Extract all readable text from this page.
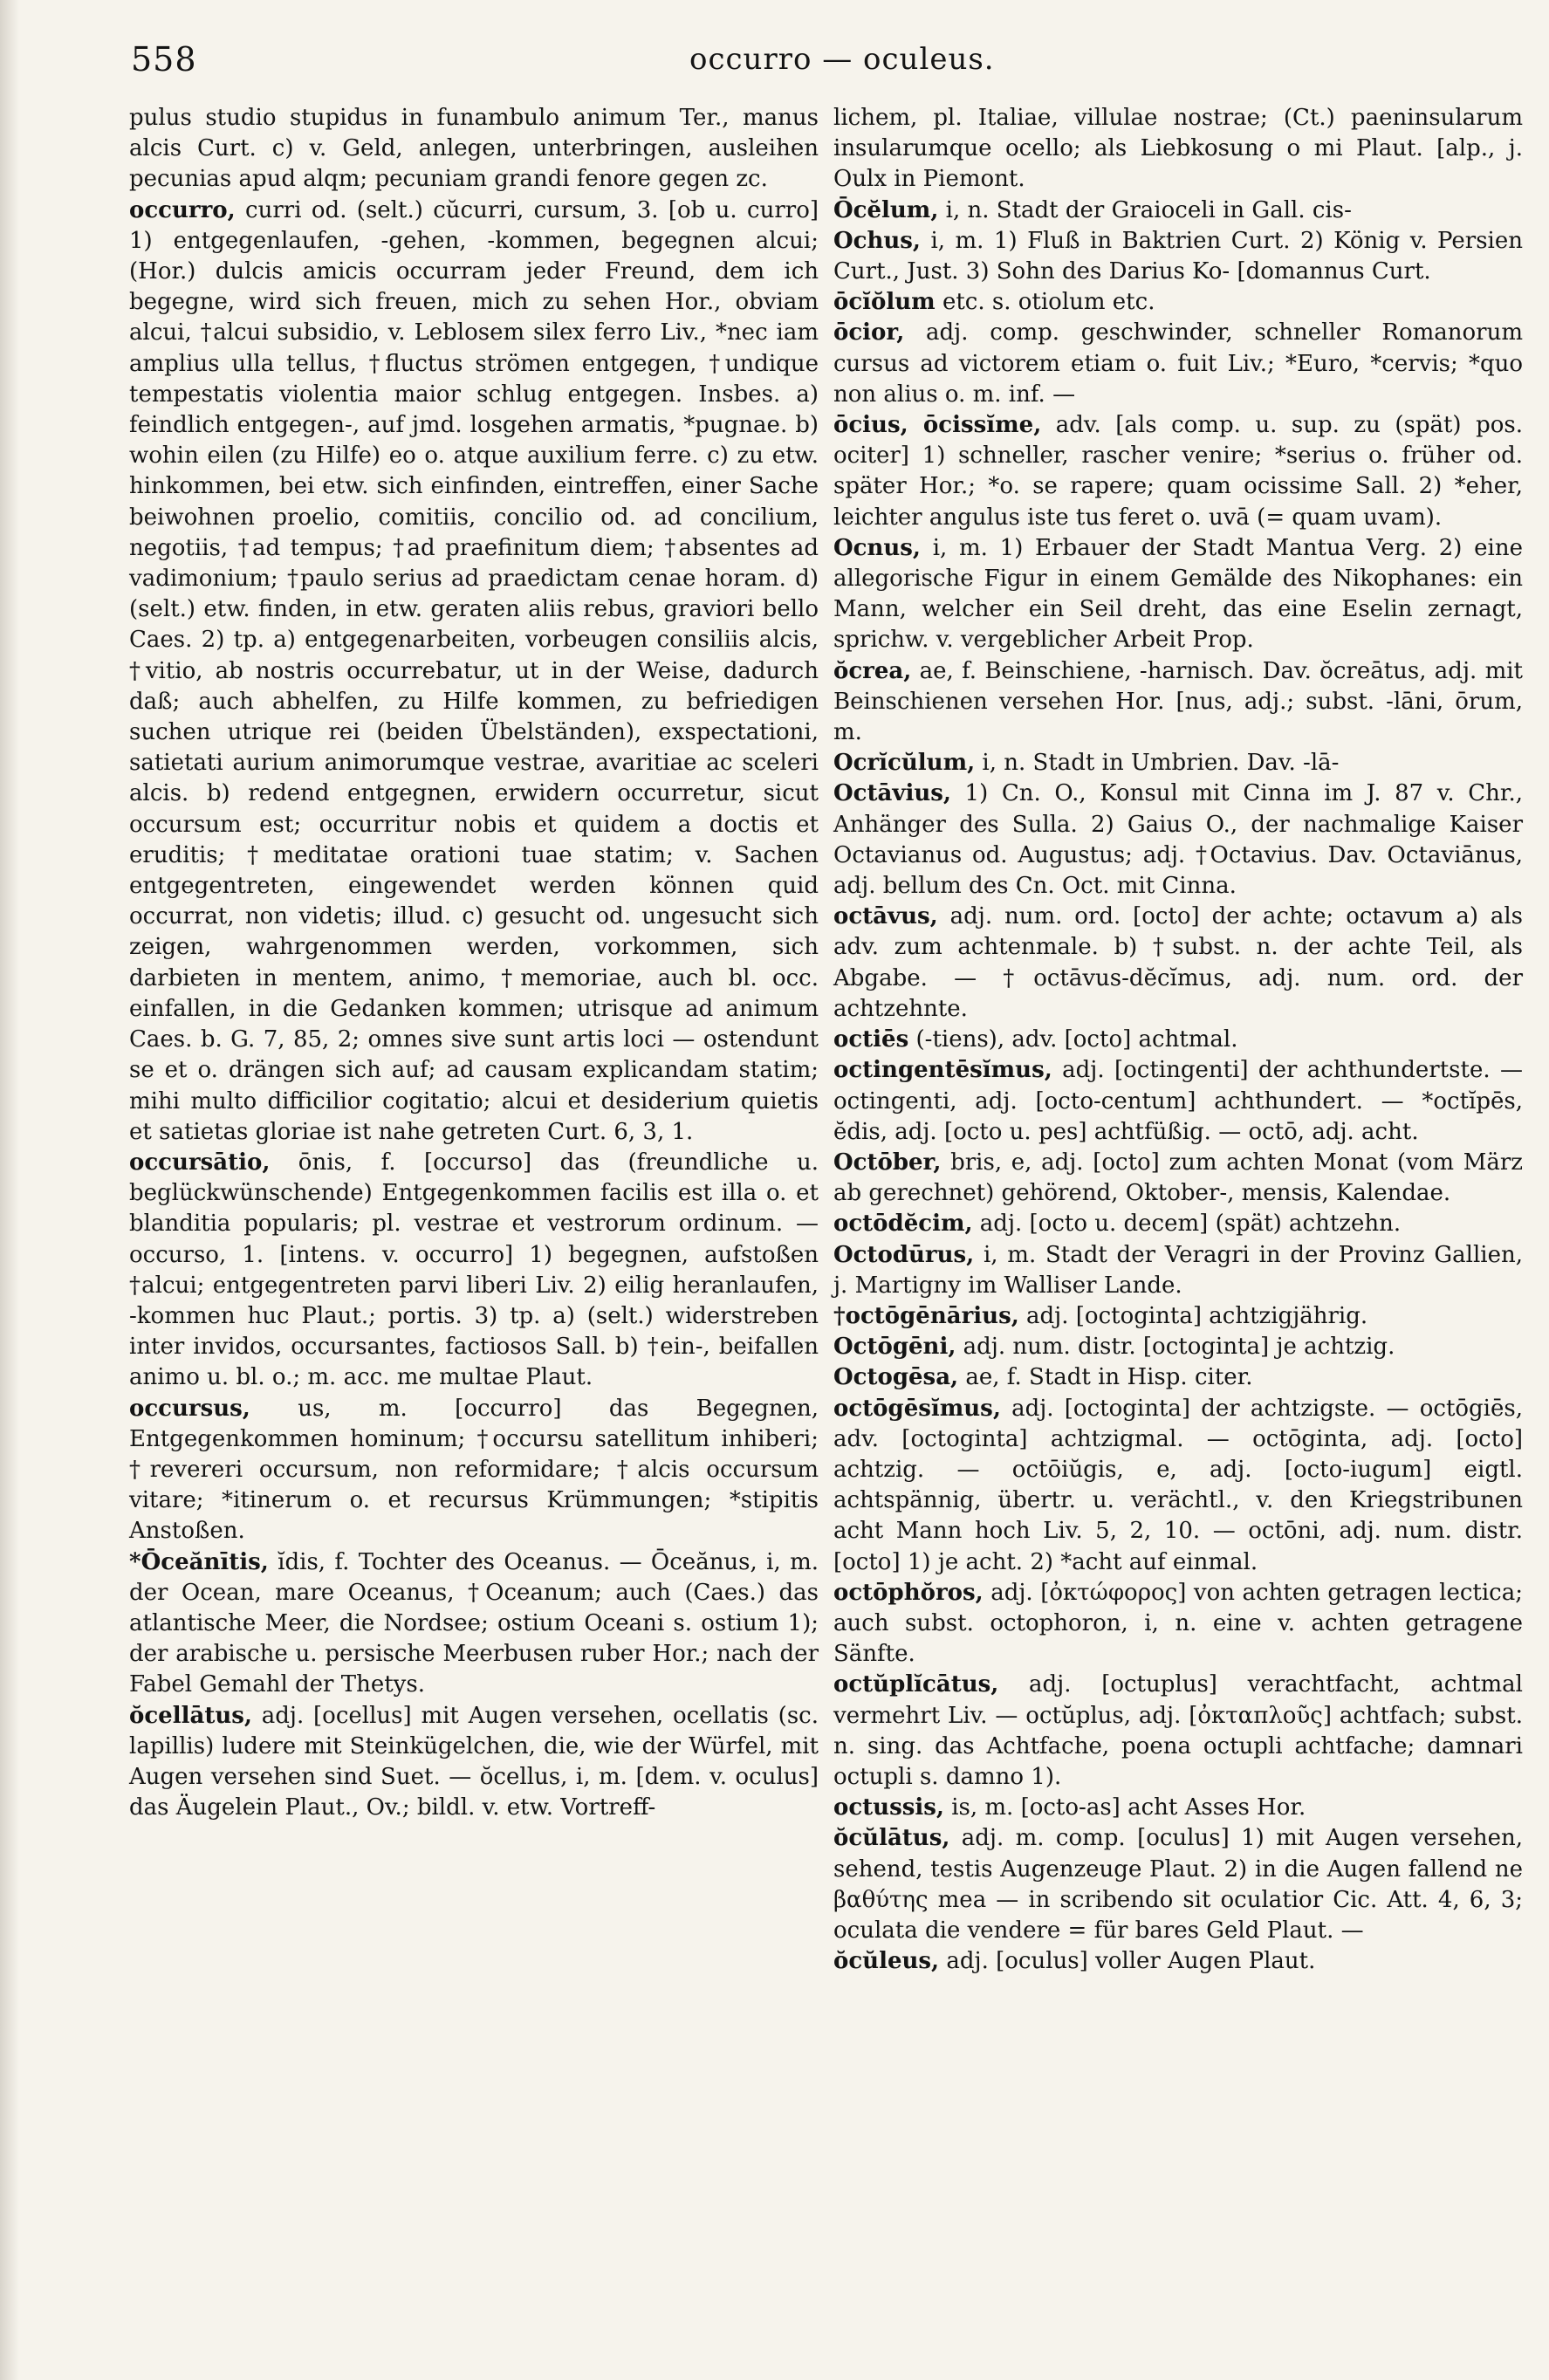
558	occurro — oculeus.

pulus studio stupidus in funambulo animum Ter., manus alcis Curt. c) v. Geld, anlegen, unterbringen, ausleihen pecunias apud alqm; pecuniam grandi fenore gegen zc.

occurro, curri od. (selt.) cŭcurri, cursum, 3. [ob u. curro] 1) entgegenlaufen, -gehen, -kommen, begegnen alcui; (Hor.) dulcis amicis occurram jeder Freund, dem ich begegne, wird sich freuen, mich zu sehen Hor., obviam alcui, †alcui subsidio, v. Leblosem silex ferro Liv., *nec iam amplius ulla tellus, †fluctus strömen entgegen, †undique tempestatis violentia maior schlug entgegen. Insbes. a) feindlich entgegen-, auf jmd. losgehen armatis, *pugnae. b) wohin eilen (zu Hilfe) eo o. atque auxilium ferre. c) zu etw. hinkommen, bei etw. sich einfinden, eintreffen, einer Sache beiwohnen proelio, comitiis, concilio od. ad concilium, negotiis, †ad tempus; †ad praefinitum diem; †absentes ad vadimonium; †paulo serius ad praedictam cenae horam. d) (selt.) etw. finden, in etw. geraten aliis rebus, graviori bello Caes. 2) tp. a) entgegenarbeiten, vorbeugen consiliis alcis, †vitio, ab nostris occurrebatur, ut in der Weise, dadurch daß; auch abhelfen, zu Hilfe kommen, zu befriedigen suchen utrique rei (beiden Übelständen), exspectationi, satietati aurium animorumque vestrae, avaritiae ac sceleri alcis. b) redend entgegnen, erwidern occurretur, sicut occursum est; occurritur nobis et quidem a doctis et eruditis; †meditatae orationi tuae statim; v. Sachen entgegentreten, eingewendet werden können quid occurrat, non videtis; illud. c) gesucht od. ungesucht sich zeigen, wahrgenommen werden, vorkommen, sich darbieten in mentem, animo, †memoriae, auch bl. occ. einfallen, in die Gedanken kommen; utrisque ad animum Caes. b. G. 7, 85, 2; omnes sive sunt artis loci — ostendunt se et o. drängen sich auf; ad causam explicandam statim; mihi multo difficilior cogitatio; alcui et desiderium quietis et satietas gloriae ist nahe getreten Curt. 6, 3, 1.

occursātio, ōnis, f. [occurso] das (freundliche u. beglückwünschende) Entgegenkommen facilis est illa o. et blanditia popularis; pl. vestrae et vestrorum ordinum. — occurso, 1. [intens. v. occurro] 1) begegnen, aufstoßen †alcui; entgegentreten parvi liberi Liv. 2) eilig heranlaufen, -kommen huc Plaut.; portis. 3) tp. a) (selt.) widerstreben inter invidos, occursantes, factiosos Sall. b) †ein-, beifallen animo u. bl. o.; m. acc. me multae Plaut.

occursus, us, m. [occurro] das Begegnen, Entgegenkommen hominum; †occursu satellitum inhiberi; †revereri occursum, non reformidare; †alcis occursum vitare; *itinerum o. et recursus Krümmungen; *stipitis Anstoßen.

*Ōceănītis, ĭdis, f. Tochter des Oceanus. — Ōceănus, i, m. der Ocean, mare Oceanus, †Oceanum; auch (Caes.) das atlantische Meer, die Nordsee; ostium Oceani s. ostium 1); der arabische u. persische Meerbusen ruber Hor.; nach der Fabel Gemahl der Thetys.

ŏcellātus, adj. [ocellus] mit Augen versehen, ocellatis (sc. lapillis) ludere mit Steinkügelchen, die, wie der Würfel, mit Augen versehen sind Suet. — ŏcellus, i, m. [dem. v. oculus] das Äugelein Plaut., Ov.; bildl. v. etw. Vortreff-

lichem, pl. Italiae, villulae nostrae; (Ct.) paeninsularum insularumque ocello; als Liebkosung o mi Plaut. [alp., j. Oulx in Piemont.

Ōcĕlum, i, n. Stadt der Graioceli in Gall. cis-

Ochus, i, m. 1) Fluß in Baktrien Curt. 2) König v. Persien Curt., Just. 3) Sohn des Darius Ko- [domannus Curt.

ōcĭŏlum etc. s. otiolum etc.

ōcior, adj. comp. geschwinder, schneller Romanorum cursus ad victorem etiam o. fuit Liv.; *Euro, *cervis; *quo non alius o. m. inf. —

ōcius, ōcissĭme, adv. [als comp. u. sup. zu (spät) pos. ociter] 1) schneller, rascher venire; *serius o. früher od. später Hor.; *o. se rapere; quam ocissime Sall. 2) *eher, leichter angulus iste tus feret o. uvā (= quam uvam).

Ocnus, i, m. 1) Erbauer der Stadt Mantua Verg. 2) eine allegorische Figur in einem Gemälde des Nikophanes: ein Mann, welcher ein Seil dreht, das eine Eselin zernagt, sprichw. v. vergeblicher Arbeit Prop.

ŏcrea, ae, f. Beinschiene, -harnisch. Dav. ŏcreātus, adj. mit Beinschienen versehen Hor. [nus, adj.; subst. -lāni, ōrum, m.

Ocrĭcŭlum, i, n. Stadt in Umbrien. Dav. -lā-

Octāvius, 1) Cn. O., Konsul mit Cinna im J. 87 v. Chr., Anhänger des Sulla. 2) Gaius O., der nachmalige Kaiser Octavianus od. Augustus; adj. †Octavius. Dav. Octaviānus, adj. bellum des Cn. Oct. mit Cinna.

octāvus, adj. num. ord. [octo] der achte; octavum a) als adv. zum achtenmale. b) †subst. n. der achte Teil, als Abgabe. — †octāvus-dĕcĭmus, adj. num. ord. der achtzehnte.

octiēs (-tiens), adv. [octo] achtmal.

octingentēsĭmus, adj. [octingenti] der achthundertste. — octingenti, adj. [octo-centum] achthundert. — *octĭpēs, ĕdis, adj. [octo u. pes] achtfüßig. — octō, adj. acht.

Octōber, bris, e, adj. [octo] zum achten Monat (vom März ab gerechnet) gehörend, Oktober-, mensis, Kalendae.

octōdĕcim, adj. [octo u. decem] (spät) achtzehn.

Octodūrus, i, m. Stadt der Veragri in der Provinz Gallien, j. Martigny im Walliser Lande.

†octōgēnārius, adj. [octoginta] achtzigjährig.

Octōgēni, adj. num. distr. [octoginta] je achtzig.

Octogēsa, ae, f. Stadt in Hisp. citer.

octōgēsĭmus, adj. [octoginta] der achtzigste. — octōgiēs, adv. [octoginta] achtzigmal. — octōginta, adj. [octo] achtzig. — octōiŭgis, e, adj. [octo-iugum] eigtl. achtspännig, übertr. u. verächtl., v. den Kriegstribunen acht Mann hoch Liv. 5, 2, 10. — octōni, adj. num. distr. [octo] 1) je acht. 2) *acht auf einmal.

octōphŏros, adj. [ὀκτώφορος] von achten getragen lectica; auch subst. octophoron, i, n. eine v. achten getragene Sänfte.

octŭplĭcātus, adj. [octuplus] verachtfacht, achtmal vermehrt Liv. — octŭplus, adj. [ὀκταπλοῦς] achtfach; subst. n. sing. das Achtfache, poena octupli achtfache; damnari octupli s. damno 1).

octussis, is, m. [octo-as] acht Asses Hor.

ŏcŭlātus, adj. m. comp. [oculus] 1) mit Augen versehen, sehend, testis Augenzeuge Plaut. 2) in die Augen fallend ne βαθύτης mea — in scribendo sit oculatior Cic. Att. 4, 6, 3; oculata die vendere = für bares Geld Plaut. —

ŏcŭleus, adj. [oculus] voller Augen Plaut.
